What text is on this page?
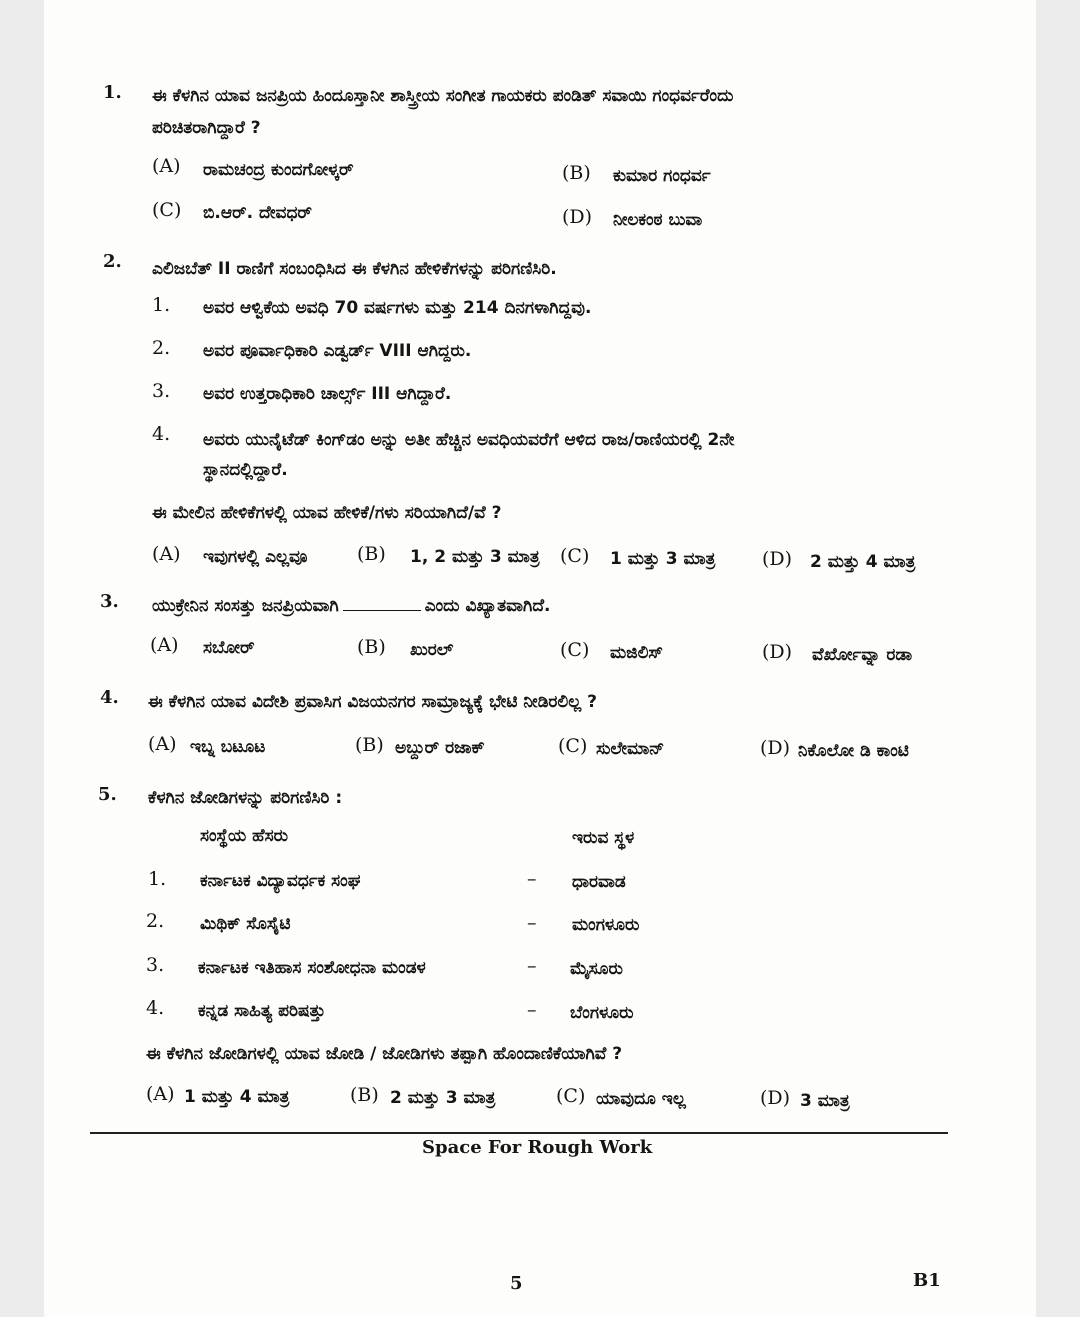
1. ಈ ಕೆಳಗಿನ ಯಾವ ಜನಪ್ರಿಯ ಹಿಂದೂಸ್ತಾನೀ ಶಾಸ್ತ್ರೀಯ ಸಂಗೀತ ಗಾಯಕರು ಪಂಡಿತ್ ಸವಾಯಿ ಗಂಧರ್ವರೆಂದು
ಪರಿಚಿತರಾಗಿದ್ದಾರೆ ?
(A) ರಾಮಚಂದ್ರ ಕುಂದಗೋಳ್ಕರ್	(B) ಕುಮಾರ ಗಂಧರ್ವ
(C) ಬಿ.ಆರ್. ದೇವಧರ್	(D) ನೀಲಕಂಠ ಬುವಾ
2. ಎಲಿಜಬೆತ್ II ರಾಣಿಗೆ ಸಂಬಂಧಿಸಿದ ಈ ಕೆಳಗಿನ ಹೇಳಿಕೆಗಳನ್ನು ಪರಿಗಣಿಸಿರಿ.
1. ಅವರ ಆಳ್ವಿಕೆಯ ಅವಧಿ 70 ವರ್ಷಗಳು ಮತ್ತು 214 ದಿನಗಳಾಗಿದ್ದವು.
2. ಅವರ ಪೂರ್ವಾಧಿಕಾರಿ ಎಡ್ವರ್ಡ್ VIII ಆಗಿದ್ದರು.
3. ಅವರ ಉತ್ತರಾಧಿಕಾರಿ ಚಾರ್ಲ್ಸ್ III ಆಗಿದ್ದಾರೆ.
4. ಅವರು ಯುನೈಟೆಡ್ ಕಿಂಗ್‌ಡಂ ಅನ್ನು ಅತೀ ಹೆಚ್ಚಿನ ಅವಧಿಯವರೆಗೆ ಆಳಿದ ರಾಜ/ರಾಣಿಯರಲ್ಲಿ 2ನೇ
ಸ್ಥಾನದಲ್ಲಿದ್ದಾರೆ.
ಈ ಮೇಲಿನ ಹೇಳಿಕೆಗಳಲ್ಲಿ ಯಾವ ಹೇಳಿಕೆ/ಗಳು ಸರಿಯಾಗಿದೆ/ವೆ ?
(A) ಇವುಗಳಲ್ಲಿ ಎಲ್ಲವೂ	(B) 1, 2 ಮತ್ತು 3 ಮಾತ್ರ (C) 1 ಮತ್ತು 3 ಮಾತ್ರ (D) 2 ಮತ್ತು 4 ಮಾತ್ರ
3. ಯುಕ್ರೇನಿನ ಸಂಸತ್ತು ಜನಪ್ರಿಯವಾಗಿ	ಎಂದು ವಿಖ್ಯಾತವಾಗಿದೆ.
(A) ಸಬೋರ್	(B) ಖುರಲ್	(C) ಮಜಿಲಿಸ್	(D) ವೆರ್ಖೋವ್ನಾ ರಡಾ
4. ಈ ಕೆಳಗಿನ ಯಾವ ವಿದೇಶಿ ಪ್ರವಾಸಿಗ ವಿಜಯನಗರ ಸಾಮ್ರಾಜ್ಯಕ್ಕೆ ಭೇಟಿ ನೀಡಿರಲಿಲ್ಲ ?
(A) ಇಬ್ನ ಬಟೂಟ	(B) ಅಬ್ದುರ್ ರಜಾಕ್	(C) ಸುಲೇಮಾನ್	(D) ನಿಕೊಲೋ ಡಿ ಕಾಂಟಿ
5. ಕೆಳಗಿನ ಜೋಡಿಗಳನ್ನು ಪರಿಗಣಿಸಿರಿ :
ಸಂಸ್ಥೆಯ ಹೆಸರು	ಇರುವ ಸ್ಥಳ
1. ಕರ್ನಾಟಕ ವಿದ್ಯಾವರ್ಧಕ ಸಂಘ	– ಧಾರವಾಡ
2. ಮಿಥಿಕ್ ಸೊಸೈಟಿ	– ಮಂಗಳೂರು
3. ಕರ್ನಾಟಕ ಇತಿಹಾಸ ಸಂಶೋಧನಾ ಮಂಡಳ	– ಮೈಸೂರು
4. ಕನ್ನಡ ಸಾಹಿತ್ಯ ಪರಿಷತ್ತು	– ಬೆಂಗಳೂರು
ಈ ಕೆಳಗಿನ ಜೋಡಿಗಳಲ್ಲಿ ಯಾವ ಜೋಡಿ / ಜೋಡಿಗಳು ತಪ್ಪಾಗಿ ಹೊಂದಾಣಿಕೆಯಾಗಿವೆ ?
(A) 1 ಮತ್ತು 4 ಮಾತ್ರ	(B) 2 ಮತ್ತು 3 ಮಾತ್ರ	(C) ಯಾವುದೂ ಇಲ್ಲ	(D) 3 ಮಾತ್ರ
Space For Rough Work
5	B1
